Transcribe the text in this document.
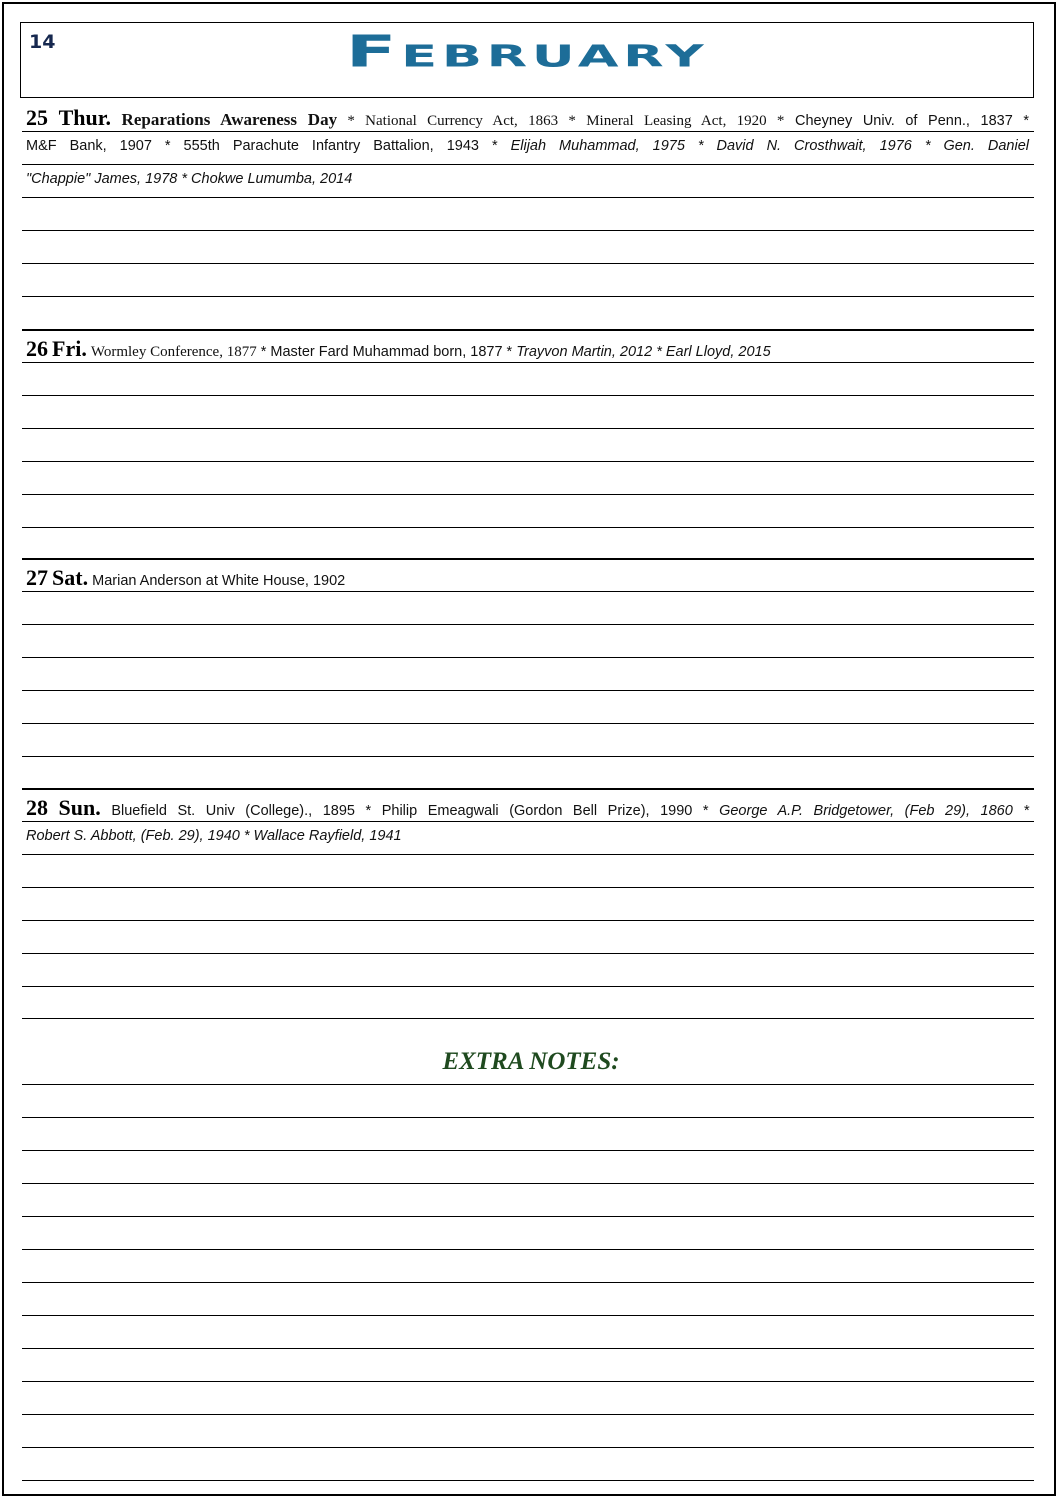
14	February
25 Thur. Reparations Awareness Day * National Currency Act, 1863 * Mineral Leasing Act, 1920 * Cheyney Univ. of Penn., 1837 *
M&F Bank, 1907 * 555th Parachute Infantry Battalion, 1943 * Elijah Muhammad, 1975 * David N. Crosthwait, 1976 * Gen. Daniel
"Chappie" James, 1978 * Chokwe Lumumba, 2014
26 Fri. Wormley Conference, 1877 * Master Fard Muhammad born, 1877 * Trayvon Martin, 2012 * Earl Lloyd, 2015
27 Sat. Marian Anderson at White House, 1902
28 Sun. Bluefield St. Univ (College)., 1895 * Philip Emeagwali (Gordon Bell Prize), 1990 * George A.P. Bridgetower, (Feb 29), 1860 *
Robert S. Abbott, (Feb. 29), 1940 * Wallace Rayfield, 1941
EXTRA NOTES:
